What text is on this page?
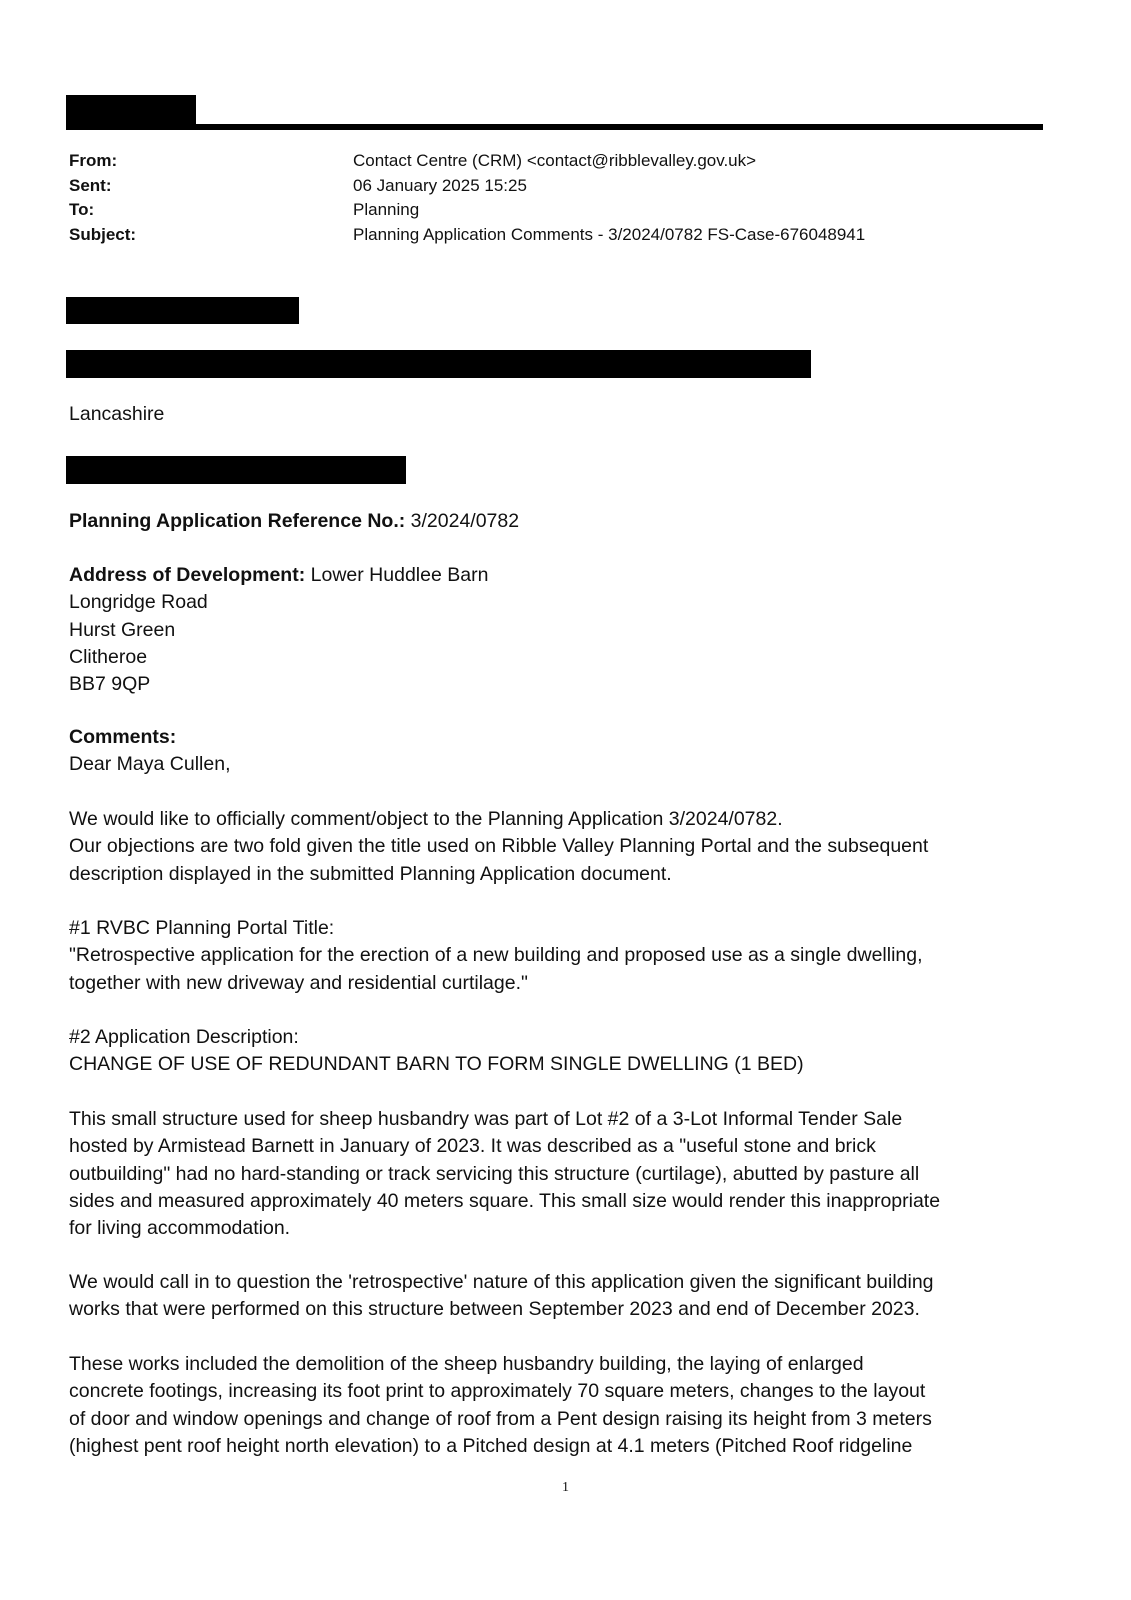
From:	Contact Centre (CRM) <contact@ribblevalley.gov.uk>
Sent:	06 January 2025 15:25
To:	Planning
Subject:	Planning Application Comments - 3/2024/0782 FS-Case-676048941
Lancashire
Planning Application Reference No.: 3/2024/0782
Address of Development: Lower Huddlee Barn
Longridge Road
Hurst Green
Clitheroe
BB7 9QP
Comments:
Dear Maya Cullen,
We would like to officially comment/object to the Planning Application 3/2024/0782.
Our objections are two fold given the title used on Ribble Valley Planning Portal and the subsequent
description displayed in the submitted Planning Application document.
#1 RVBC Planning Portal Title:
"Retrospective application for the erection of a new building and proposed use as a single dwelling,
together with new driveway and residential curtilage."
#2 Application Description:
CHANGE OF USE OF REDUNDANT BARN TO FORM SINGLE DWELLING (1 BED)
This small structure used for sheep husbandry was part of Lot #2 of a 3-Lot Informal Tender Sale
hosted by Armistead Barnett in January of 2023. It was described as a "useful stone and brick
outbuilding" had no hard-standing or track servicing this structure (curtilage), abutted by pasture all
sides and measured approximately 40 meters square. This small size would render this inappropriate
for living accommodation.
We would call in to question the 'retrospective' nature of this application given the significant building
works that were performed on this structure between September 2023 and end of December 2023.
These works included the demolition of the sheep husbandry building, the laying of enlarged
concrete footings, increasing its foot print to approximately 70 square meters, changes to the layout
of door and window openings and change of roof from a Pent design raising its height from 3 meters
(highest pent roof height north elevation) to a Pitched design at 4.1 meters (Pitched Roof ridgeline
1
